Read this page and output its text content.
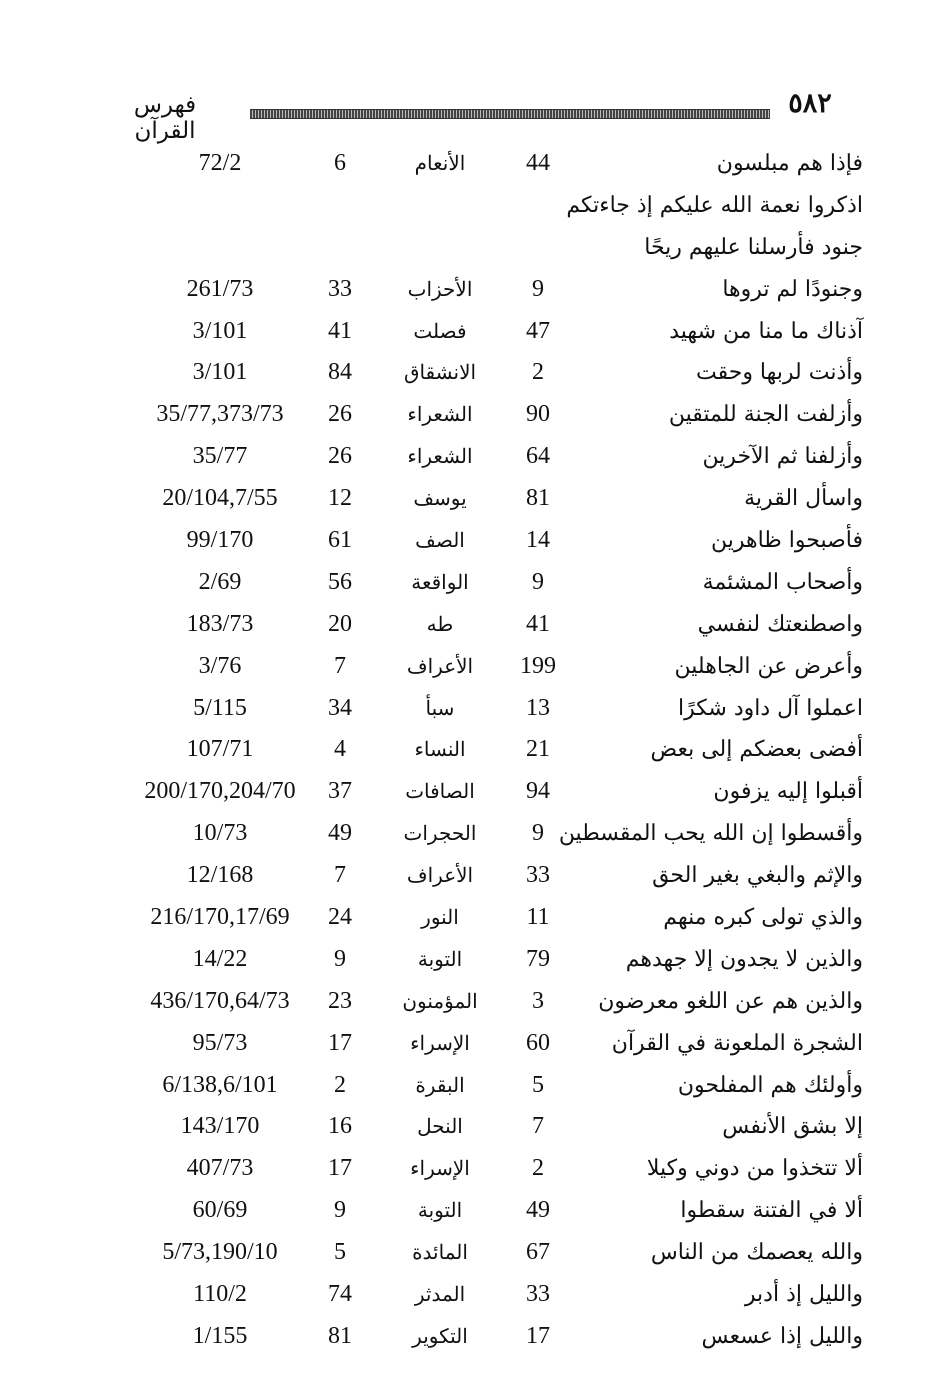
٥٨٢
فهرس القرآن
فإذا هم مبلسون
44
الأنعام
6
72/2
اذكروا نعمة الله عليكم إذ جاءتكم
جنود فأرسلنا عليهم ريحًا
وجنودًا لم تروها
9
الأحزاب
33
261/73
آذناك ما منا من شهيد
47
فصلت
41
3/101
وأذنت لربها وحقت
2
الانشقاق
84
3/101
وأزلفت الجنة للمتقين
90
الشعراء
26
35/77,373/73
وأزلفنا ثم الآخرين
64
الشعراء
26
35/77
واسأل القرية
81
يوسف
12
20/104,7/55
فأصبحوا ظاهرين
14
الصف
61
99/170
وأصحاب المشئمة
9
الواقعة
56
2/69
واصطنعتك لنفسي
41
طه
20
183/73
وأعرض عن الجاهلين
199
الأعراف
7
3/76
اعملوا آل داود شكرًا
13
سبأ
34
5/115
أفضى بعضكم إلى بعض
21
النساء
4
107/71
أقبلوا إليه يزفون
94
الصافات
37
200/170,204/70
وأقسطوا إن الله يحب المقسطين
9
الحجرات
49
10/73
والإثم والبغي بغير الحق
33
الأعراف
7
12/168
والذي تولى كبره منهم
11
النور
24
216/170,17/69
والذين لا يجدون إلا جهدهم
79
التوبة
9
14/22
والذين هم عن اللغو معرضون
3
المؤمنون
23
436/170,64/73
الشجرة الملعونة في القرآن
60
الإسراء
17
95/73
وأولئك هم المفلحون
5
البقرة
2
6/138,6/101
إلا بشق الأنفس
7
النحل
16
143/170
ألا تتخذوا من دوني وكيلا
2
الإسراء
17
407/73
ألا في الفتنة سقطوا
49
التوبة
9
60/69
والله يعصمك من الناس
67
المائدة
5
5/73,190/10
والليل إذ أدبر
33
المدثر
74
110/2
والليل إذا عسعس
17
التكوير
81
1/155
